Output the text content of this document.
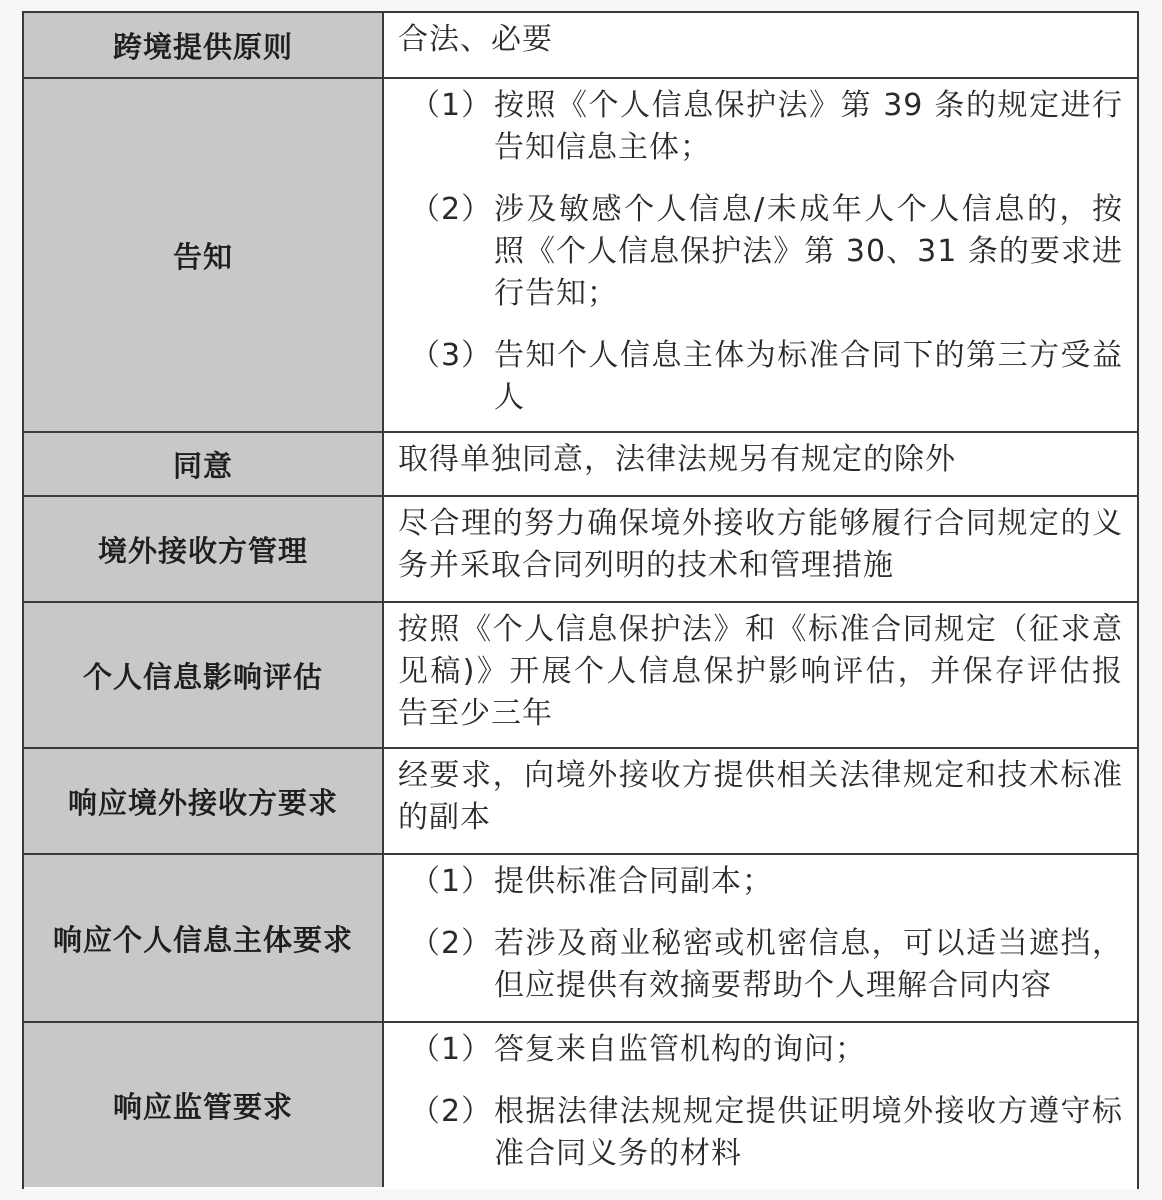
跨境提供原则	合法、必要
告知
（1） 按照《个人信息保护法》第 39 条的规定进行告知信息主体；
（2） 涉及敏感个人信息/未成年人个人信息的，按照《个人信息保护法》第 30、31 条的要求进行告知；
（3） 告知个人信息主体为标准合同下的第三方受益人
同意	取得单独同意，法律法规另有规定的除外
境外接收方管理
尽合理的努力确保境外接收方能够履行合同规定的义务并采取合同列明的技术和管理措施
个人信息影响评估
按照《个人信息保护法》和《标准合同规定（征求意见稿)》开展个人信息保护影响评估，并保存评估报告至少三年
响应境外接收方要求
经要求，向境外接收方提供相关法律规定和技术标准的副本
响应个人信息主体要求
（1） 提供标准合同副本；
（2） 若涉及商业秘密或机密信息，可以适当遮挡，但应提供有效摘要帮助个人理解合同内容
响应监管要求
（1） 答复来自监管机构的询问；
（2） 根据法律法规规定提供证明境外接收方遵守标准合同义务的材料
